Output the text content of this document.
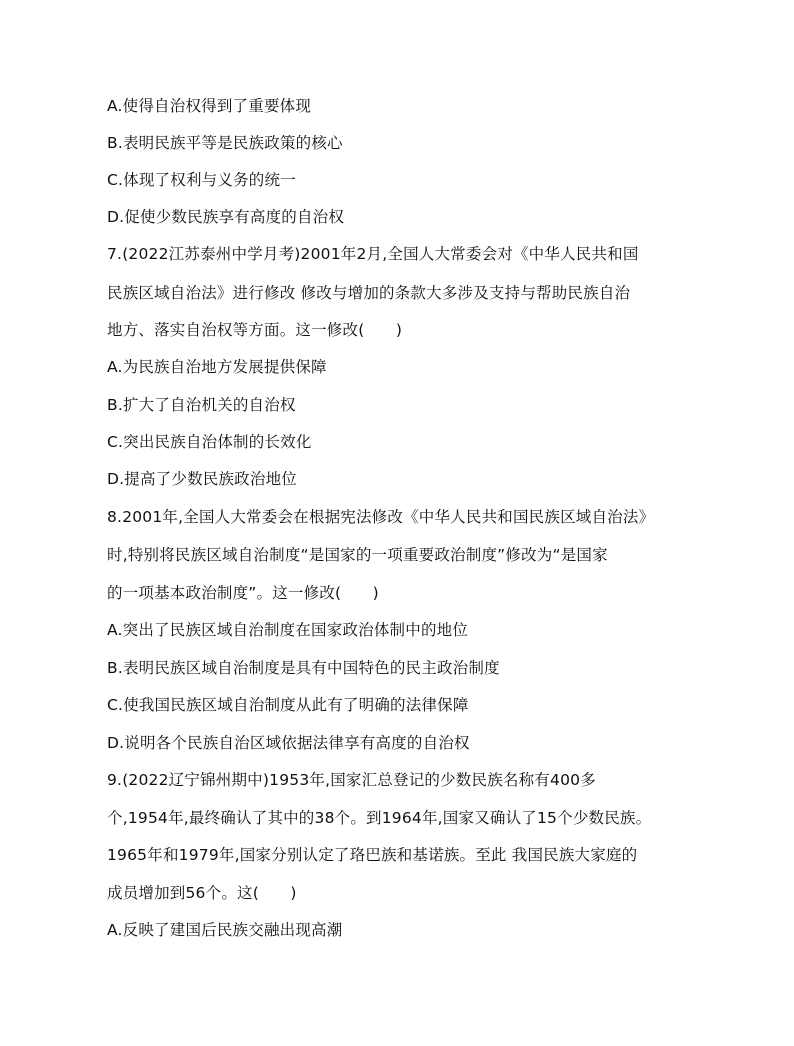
A.使得自治权得到了重要体现
B.表明民族平等是民族政策的核心
C.体现了权利与义务的统一
D.促使少数民族享有高度的自治权
7.(2022江苏泰州中学月考)2001年2月,全国人大常委会对《中华人民共和国
民族区域自治法》进行修改 修改与增加的条款大多涉及支持与帮助民族自治
地方、落实自治权等方面。这一修改(　　)
A.为民族自治地方发展提供保障
B.扩大了自治机关的自治权
C.突出民族自治体制的长效化
D.提高了少数民族政治地位
8.2001年,全国人大常委会在根据宪法修改《中华人民共和国民族区域自治法》
时,特别将民族区域自治制度“是国家的一项重要政治制度”修改为“是国家
的一项基本政治制度”。这一修改(　　)
A.突出了民族区域自治制度在国家政治体制中的地位
B.表明民族区域自治制度是具有中国特色的民主政治制度
C.使我国民族区域自治制度从此有了明确的法律保障
D.说明各个民族自治区域依据法律享有高度的自治权
9.(2022辽宁锦州期中)1953年,国家汇总登记的少数民族名称有400多
个,1954年,最终确认了其中的38个。到1964年,国家又确认了15个少数民族。
1965年和1979年,国家分别认定了珞巴族和基诺族。至此 我国民族大家庭的
成员增加到56个。这(　　)
A.反映了建国后民族交融出现高潮
